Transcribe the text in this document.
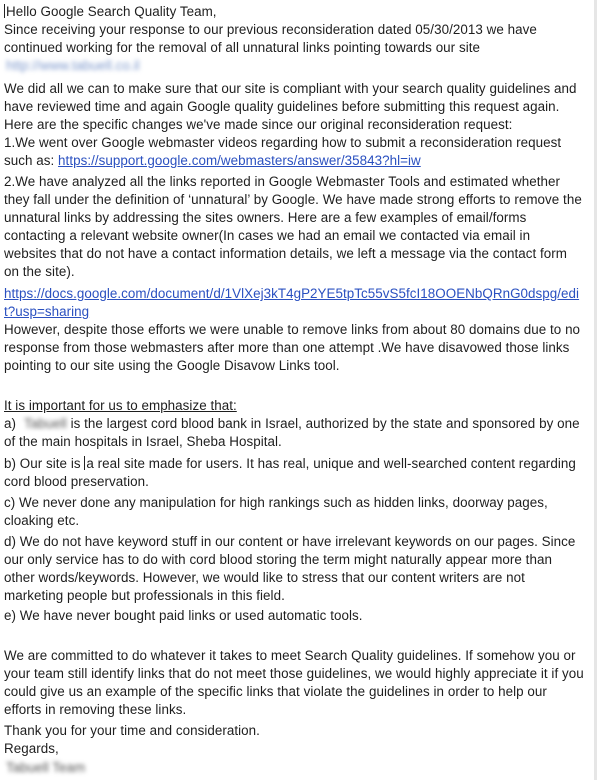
Hello Google Search Quality Team,
Since receiving your response to our previous reconsideration dated 05/30/2013 we have
continued working for the removal of all unnatural links pointing towards our site
http://www.tabuell.co.il
We did all we can to make sure that our site is compliant with your search quality guidelines and
have reviewed time and again Google quality guidelines before submitting this request again.
Here are the specific changes we've made since our original reconsideration request:
1.We went over Google webmaster videos regarding how to submit a reconsideration request
such as: https://support.google.com/webmasters/answer/35843?hl=iw
2.We have analyzed all the links reported in Google Webmaster Tools and estimated whether
they fall under the definition of ‘unnatural’ by Google. We have made strong efforts to remove the
unnatural links by addressing the sites owners. Here are a few examples of email/forms
contacting a relevant website owner(In cases we had an email we contacted via email in
websites that do not have a contact information details, we left a message via the contact form
on the site).
https://docs.google.com/document/d/1VlXej3kT4gP2YE5tpTc55vS5fcI18OOENbQRnG0dspg/edi
t?usp=sharing
However, despite those efforts we were unable to remove links from about 80 domains due to no
response from those webmasters after more than one attempt .We have disavowed those links
pointing to our site using the Google Disavow Links tool.
It is important for us to emphasize that:
a) Tabuell is the largest cord blood bank in Israel, authorized by the state and sponsored by one
of the main hospitals in Israel, Sheba Hospital.
b) Our site is a real site made for users. It has real, unique and well-searched content regarding
cord blood preservation.
c) We never done any manipulation for high rankings such as hidden links, doorway pages,
cloaking etc.
d) We do not have keyword stuff in our content or have irrelevant keywords on our pages. Since
our only service has to do with cord blood storing the term might naturally appear more than
other words/keywords. However, we would like to stress that our content writers are not
marketing people but professionals in this field.
e) We have never bought paid links or used automatic tools.
We are committed to do whatever it takes to meet Search Quality guidelines. If somehow you or
your team still identify links that do not meet those guidelines, we would highly appreciate it if you
could give us an example of the specific links that violate the guidelines in order to help our
efforts in removing these links.
Thank you for your time and consideration.
Regards,
Tabuell Team
